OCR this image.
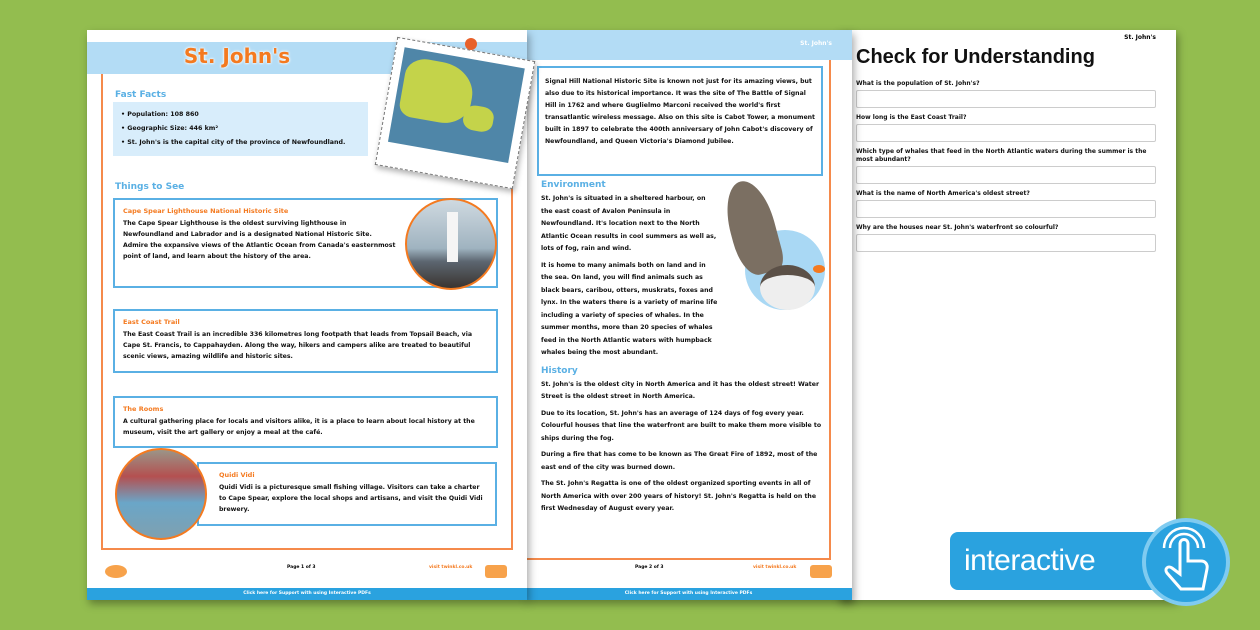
St. John's
Check for Understanding
What is the population of St. John's?
How long is the East Coast Trail?
Which type of whales that feed in the North Atlantic waters during the summer is the most abundant?
What is the name of North America's oldest street?
Why are the houses near St. John's waterfront so colourful?
St. John's
Signal Hill National Historic Site is known not just for its amazing views, but also due to its historical importance. It was the site of The Battle of Signal Hill in 1762 and where Guglielmo Marconi received the world's first transatlantic wireless message. Also on this site is Cabot Tower, a monument built in 1897 to celebrate the 400th anniversary of John Cabot's discovery of Newfoundland, and Queen Victoria's Diamond Jubilee.
Environment
St. John's is situated in a sheltered harbour, on the east coast of Avalon Peninsula in Newfoundland. It's location next to the North Atlantic Ocean results in cool summers as well as, lots of fog, rain and wind.
It is home to many animals both on land and in the sea. On land, you will find animals such as black bears, caribou, otters, muskrats, foxes and lynx. In the waters there is a variety of marine life including a variety of species of whales. In the summer months, more than 20 species of whales feed in the North Atlantic waters with humpback whales being the most abundant.
History
St. John's is the oldest city in North America and it has the oldest street! Water Street is the oldest street in North America.
Due to its location, St. John's has an average of 124 days of fog every year. Colourful houses that line the waterfront are built to make them more visible to ships during the fog.
During a fire that has come to be known as The Great Fire of 1892, most of the east end of the city was burned down.
The St. John's Regatta is one of the oldest organized sporting events in all of North America with over 200 years of history! St. John's Regatta is held on the first Wednesday of August every year.
Page 2 of 3	visit twinkl.co.uk
Click here for Support with using Interactive PDFs
St. John's
Fast Facts
• Population: 108 860
• Geographic Size: 446 km²
• St. John's is the capital city of the province of Newfoundland.
Things to See
Cape Spear Lighthouse National Historic Site
The Cape Spear Lighthouse is the oldest surviving lighthouse in Newfoundland and Labrador and is a designated National Historic Site. Admire the expansive views of the Atlantic Ocean from Canada's easternmost point of land, and learn about the history of the area.
East Coast Trail
The East Coast Trail is an incredible 336 kilometres long footpath that leads from Topsail Beach, via Cape St. Francis, to Cappahayden. Along the way, hikers and campers alike are treated to beautiful scenic views, amazing wildlife and historic sites.
The Rooms
A cultural gathering place for locals and visitors alike, it is a place to learn about local history at the museum, visit the art gallery or enjoy a meal at the café.
Quidi Vidi
Quidi Vidi is a picturesque small fishing village. Visitors can take a charter to Cape Spear, explore the local shops and artisans, and visit the Quidi Vidi brewery.
Page 1 of 3	visit twinkl.co.uk
Click here for Support with using Interactive PDFs
interactive
